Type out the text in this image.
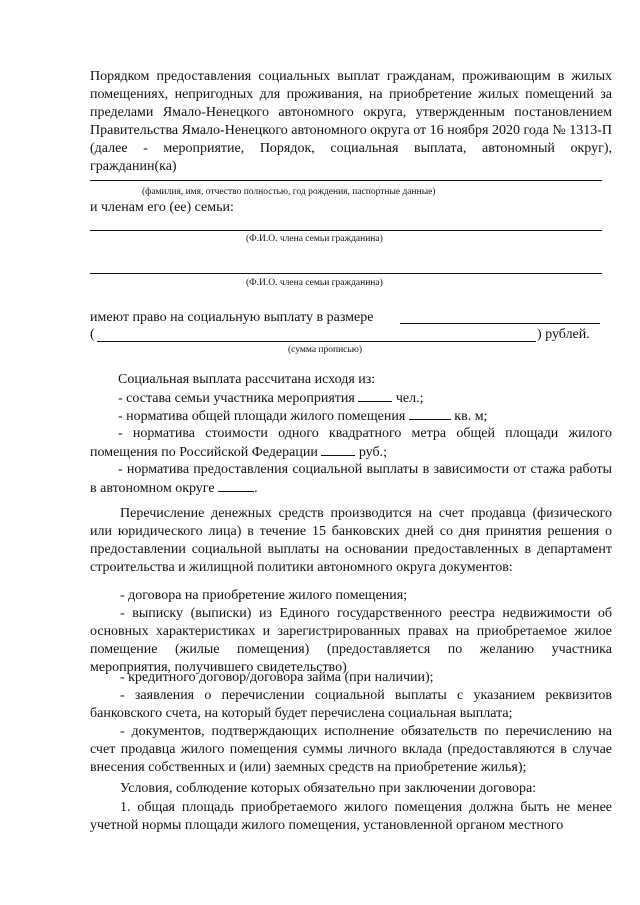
Порядком предоставления социальных выплат гражданам, проживающим в жилых помещениях, непригодных для проживания, на приобретение жилых помещений за пределами Ямало-Ненецкого автономного округа, утвержденным постановлением Правительства Ямало-Ненецкого автономного округа от 16 ноября 2020 года № 1313-П (далее - мероприятие, Порядок, социальная выплата, автономный округ), гражданин(ка)

(фамилия, имя, отчество полностью, год рождения, паспортные данные)
и членам его (ее) семьи:
(Ф.И.О. члена семьи гражданина)
(Ф.И.О. члена семьи гражданина)
имеют право на социальную выплату в размере
(	) рублей.
(сумма прописью)
Социальная выплата рассчитана исходя из:
- состава семьи участника мероприятия	чел.;
- норматива общей площади жилого помещения	кв. м;
- норматива стоимости одного квадратного метра общей площади жилого помещения по Российской Федерации	руб.;
- норматива предоставления социальной выплаты в зависимости от стажа работы в автономном округе	.

Перечисление денежных средств производится на счет продавца (физического или юридического лица) в течение 15 банковских дней со дня принятия решения о предоставлении социальной выплаты на основании предоставленных в департамент строительства и жилищной политики автономного округа документов:

- договора на приобретение жилого помещения;

- выписку (выписки) из Единого государственного реестра недвижимости об основных характеристиках и зарегистрированных правах на приобретаемое жилое помещение (жилые помещения) (предоставляется по желанию участника мероприятия, получившего свидетельство)

- кредитного договор/договора займа (при наличии);

- заявления о перечислении социальной выплаты с указанием реквизитов банковского счета, на который будет перечислена социальная выплата;

- документов, подтверждающих исполнение обязательств по перечислению на счет продавца жилого помещения суммы личного вклада (предоставляются в случае внесения собственных и (или) заемных средств на приобретение жилья);

Условия, соблюдение которых обязательно при заключении договора:

1. общая площадь приобретаемого жилого помещения должна быть не менее учетной нормы площади жилого помещения, установленной органом местного
